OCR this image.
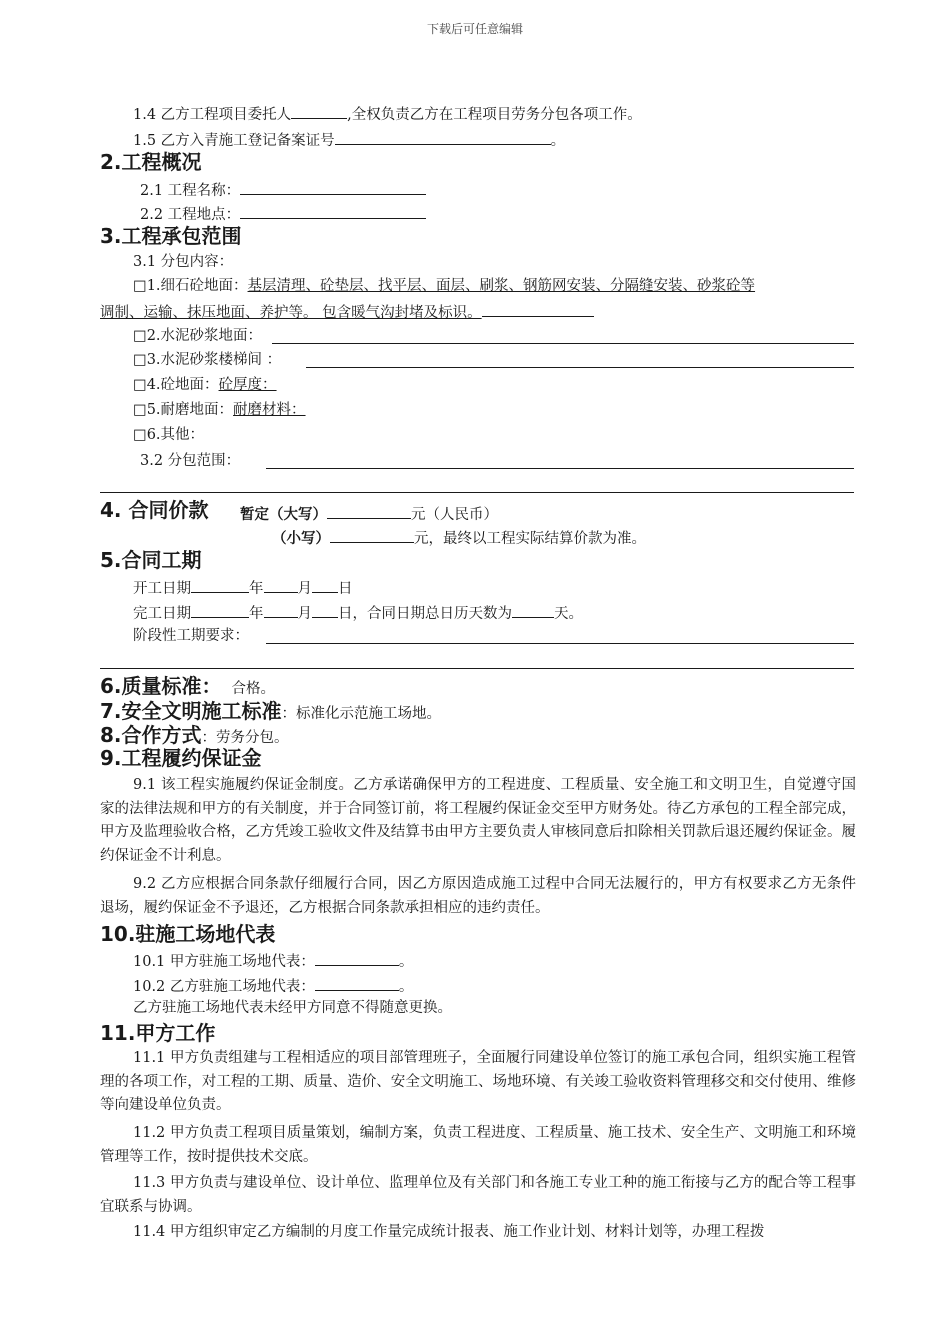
下载后可任意编辑
1.4 乙方工程项目委托人	,全权负责乙方在工程项目劳务分包各项工作。
1.5 乙方入青施工登记备案证号	。
2.工程概况
2.1 工程名称：
2.2 工程地点：
3.工程承包范围
3.1 分包内容：
□1.细石砼地面：基层清理、砼垫层、找平层、面层、刷浆、钢筋网安装、分隔缝安装、砂浆砼等
调制、运输、抹压地面、养护等。 包含暖气沟封堵及标识。
□2.水泥砂浆地面：
□3.水泥砂浆楼梯间 ：
□4.砼地面：砼厚度：
□5.耐磨地面：耐磨材料：
□6.其他：
3.2 分包范围：
4. 合同价款 暂定（大写）	元（人民币）
（小写）	元，最终以工程实际结算价款为准。
5.合同工期
开工日期	年 月 日
完工日期	年 月 日，合同日期总日历天数为	天。
阶段性工期要求：
6.质量标准： 合格。
7.安全文明施工标准：标准化示范施工场地。
8.合作方式：劳务分包。
9.工程履约保证金
9.1 该工程实施履约保证金制度。乙方承诺确保甲方的工程进度、工程质量、安全施工和文明卫生，自觉遵守国家的法律法规和甲方的有关制度，并于合同签订前，将工程履约保证金交至甲方财务处。待乙方承包的工程全部完成，甲方及监理验收合格，乙方凭竣工验收文件及结算书由甲方主要负责人审核同意后扣除相关罚款后退还履约保证金。履约保证金不计利息。
9.2 乙方应根据合同条款仔细履行合同，因乙方原因造成施工过程中合同无法履行的，甲方有权要求乙方无条件退场，履约保证金不予退还，乙方根据合同条款承担相应的违约责任。
10.驻施工场地代表
10.1 甲方驻施工场地代表：	。
10.2 乙方驻施工场地代表：	。
乙方驻施工场地代表未经甲方同意不得随意更换。
11.甲方工作
11.1 甲方负责组建与工程相适应的项目部管理班子，全面履行同建设单位签订的施工承包合同，组织实施工程管理的各项工作，对工程的工期、质量、造价、安全文明施工、场地环境、有关竣工验收资料管理移交和交付使用、维修等向建设单位负责。
11.2 甲方负责工程项目质量策划，编制方案，负责工程进度、工程质量、施工技术、安全生产、文明施工和环境管理等工作，按时提供技术交底。
11.3 甲方负责与建设单位、设计单位、监理单位及有关部门和各施工专业工种的施工衔接与乙方的配合等工程事宜联系与协调。
11.4 甲方组织审定乙方编制的月度工作量完成统计报表、施工作业计划、材料计划等，办理工程拨
